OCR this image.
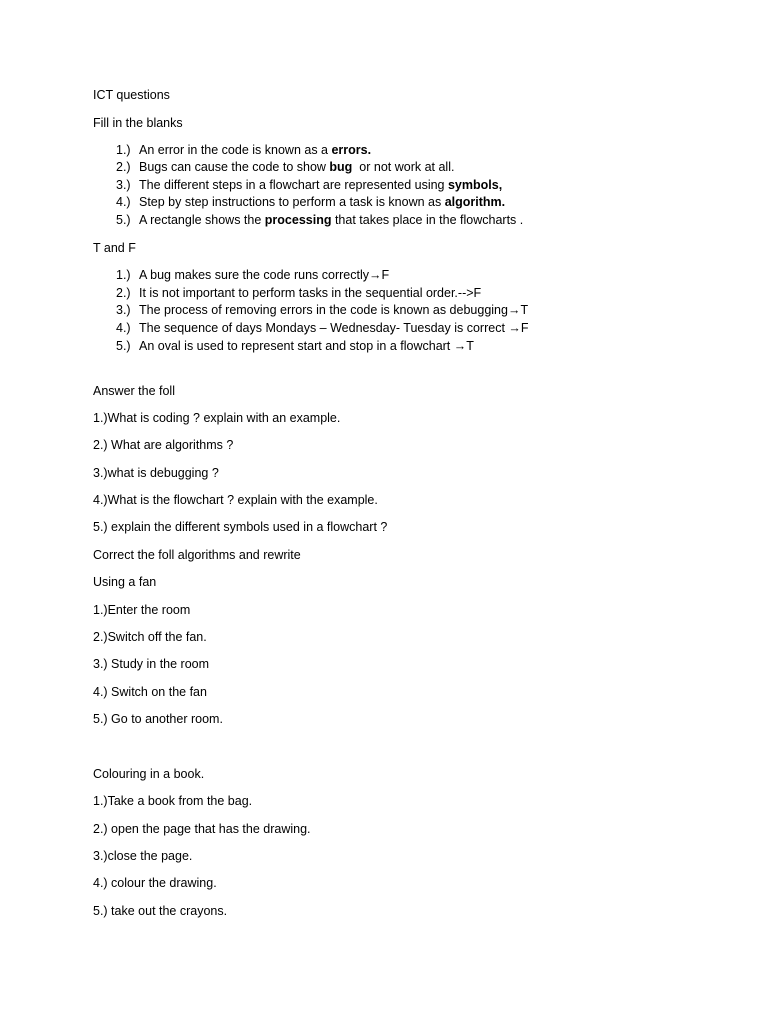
ICT questions
Fill in the blanks
1.) An error in the code is known as a errors.
2.) Bugs can cause the code to show bug  or not work at all.
3.) The different steps in a flowchart are represented using symbols,
4.) Step by step instructions to perform a task is known as algorithm.
5.) A rectangle shows the processing that takes place in the flowcharts .
T and F
1.) A bug makes sure the code runs correctly→F
2.) It is not important to perform tasks in the sequential order.-->F
3.) The process of removing errors in the code is known as debugging→T
4.) The sequence of days Mondays – Wednesday- Tuesday is correct →F
5.) An oval is used to represent start and stop in a flowchart →T
Answer the foll
1.)What is coding ? explain with an example.
2.) What are algorithms ?
3.)what is debugging ?
4.)What is the flowchart ? explain with the example.
5.) explain the different symbols used in a flowchart ?
Correct the foll algorithms and rewrite
Using a fan
1.)Enter the room
2.)Switch off the fan.
3.) Study in the room
4.) Switch on the fan
5.) Go to another room.
Colouring in a book.
1.)Take a book from the bag.
2.) open the page that has the drawing.
3.)close the page.
4.) colour the drawing.
5.) take out the crayons.
